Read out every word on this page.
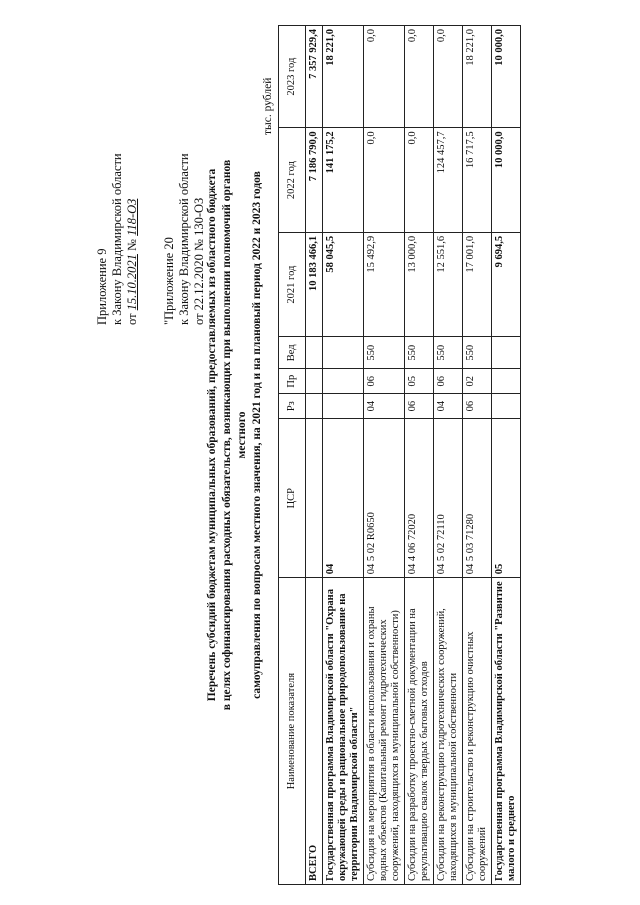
Приложение 9 к Закону Владимирской области от 15.10.2021 № 118-ОЗ
"Приложение 20 к Закону Владимирской области от 22.12.2020 № 130-ОЗ Перечень субсидий бюджетам муниципальных образований, предоставляемых из областного бюджета в целях софинансирования расходных обязательств, возникающих при выполнении полномочий органов местного самоуправления по вопросам местного значения, на 2021 год и на плановый период 2022 и 2023 годов
тыс. рублей
Наименование показателя	ЦСР	Рз	Пр	Вед	2021 год	2022 год	2023 год
ВСЕГО					10 183 466,1	7 186 790,0	7 357 929,4
Государственная программа Владимирской области "Охрана окружающей среды и рациональное природопользование на территории Владимирской области"	04				58 045,5	141 175,2	18 221,0
Субсидия на мероприятия в области использования и охраны водных объектов (Капитальный ремонт гидротехнических сооружений, находящихся в муниципальной собственности)	04 5 02 R0650	04	06	550	15 492,9	0,0	0,0
Субсидии на разработку проектно-сметной документации на рекультивацию свалок твердых бытовых отходов	04 4 06 72020	06	05	550	13 000,0	0,0	0,0
Субсидии на реконструкцию гидротехнических сооружений, находящихся в муниципальной собственности	04 5 02 72110	04	06	550	12 551,6	124 457,7	0,0
Субсидии на строительство и реконструкцию очистных сооружений	04 5 03 71280	06	02	550	17 001,0	16 717,5	18 221,0
Государственная программа Владимирской области "Развитие малого и среднего	05				9 694,5	10 000,0	10 000,0
